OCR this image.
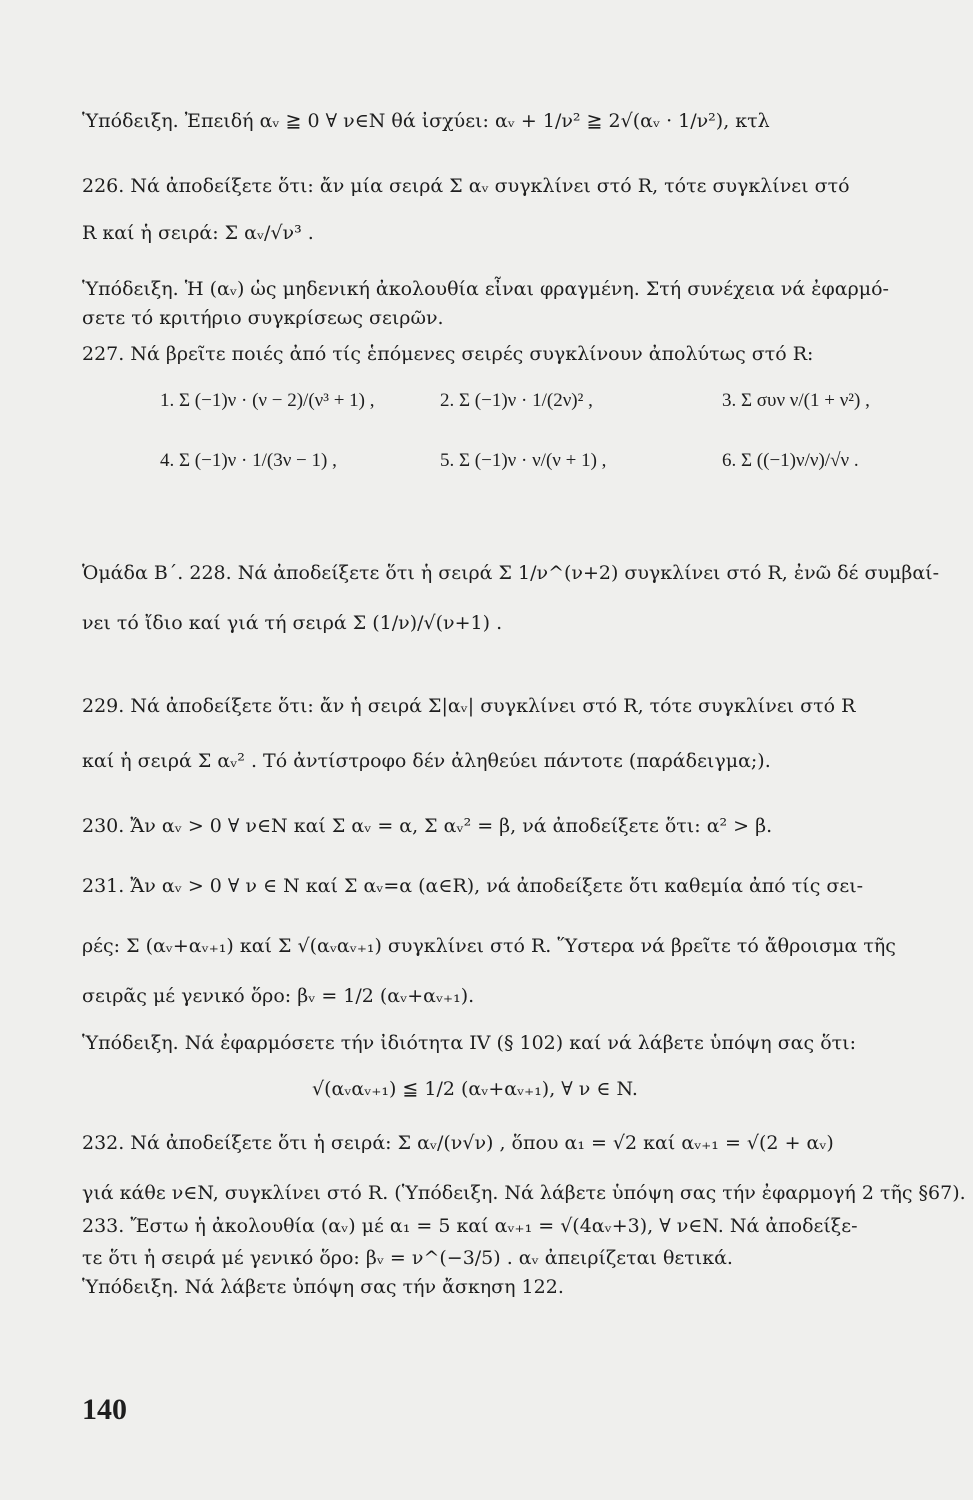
Ὑπόδειξη. Ἐπειδή αᵥ ≧ 0 ∀ ν∈N θά ἰσχύει: αᵥ + 1/ν² ≧ 2√(αᵥ · 1/ν²), κτλ
226. Νά ἀποδείξετε ὅτι: ἄν μία σειρά Σ αᵥ συγκλίνει στό R, τότε συγκλίνει στό
R καί ἡ σειρά: Σ αᵥ/√ν³ .
Ὑπόδειξη. Ἡ (αᵥ) ὡς μηδενική ἀκολουθία εἶναι φραγμένη. Στή συνέχεια νά ἐφαρμό-
σετε τό κριτήριο συγκρίσεως σειρῶν.
227. Νά βρεῖτε ποιές ἀπό τίς ἑπόμενες σειρές συγκλίνουν ἀπολύτως στό R:
1. Σ (−1)ν · (ν − 2)/(ν³ + 1) ,	2. Σ (−1)ν · 1/(2ν)² ,	3. Σ συν ν/(1 + ν²) ,
4. Σ (−1)ν · 1/(3ν − 1) ,	5. Σ (−1)ν · ν/(ν + 1) ,	6. Σ ((−1)ν/ν)/√ν .
Ὁμάδα Β΄. 228. Νά ἀποδείξετε ὅτι ἡ σειρά Σ 1/ν^(ν+2) συγκλίνει στό R, ἐνῶ δέ συμβαί-
νει τό ἴδιο καί γιά τή σειρά Σ (1/ν)/√(ν+1) .
229. Νά ἀποδείξετε ὅτι: ἄν ἡ σειρά Σ|αᵥ| συγκλίνει στό R, τότε συγκλίνει στό R
καί ἡ σειρά Σ αᵥ² . Τό ἀντίστροφο δέν ἀληθεύει πάντοτε (παράδειγμα;).
230. Ἄν αᵥ > 0 ∀ ν∈N καί Σ αᵥ = α, Σ αᵥ² = β, νά ἀποδείξετε ὅτι: α² > β.
231. Ἄν αᵥ > 0 ∀ ν ∈ N καί Σ αᵥ=α (α∈R), νά ἀποδείξετε ὅτι καθεμία ἀπό τίς σει-
ρές: Σ (αᵥ+αᵥ₊₁) καί Σ √(αᵥαᵥ₊₁) συγκλίνει στό R. Ὕστερα νά βρεῖτε τό ἄθροισμα τῆς
σειρᾶς μέ γενικό ὅρο: βᵥ = 1/2 (αᵥ+αᵥ₊₁).
Ὑπόδειξη. Νά ἐφαρμόσετε τήν ἰδιότητα IV (§ 102) καί νά λάβετε ὑπόψη σας ὅτι:
√(αᵥαᵥ₊₁) ≦ 1/2 (αᵥ+αᵥ₊₁), ∀ ν ∈ N.
232. Νά ἀποδείξετε ὅτι ἡ σειρά: Σ αᵥ/(ν√ν) , ὅπου α₁ = √2 καί αᵥ₊₁ = √(2 + αᵥ)
γιά κάθε ν∈N, συγκλίνει στό R. (Ὑπόδειξη. Νά λάβετε ὑπόψη σας τήν ἐφαρμογή 2 τῆς §67).
233. Ἔστω ἡ ἀκολουθία (αᵥ) μέ α₁ = 5 καί αᵥ₊₁ = √(4αᵥ+3), ∀ ν∈N. Νά ἀποδείξε-
τε ὅτι ἡ σειρά μέ γενικό ὅρο: βᵥ = ν^(−3/5) . αᵥ ἀπειρίζεται θετικά.
Ὑπόδειξη. Νά λάβετε ὑπόψη σας τήν ἄσκηση 122.
140
